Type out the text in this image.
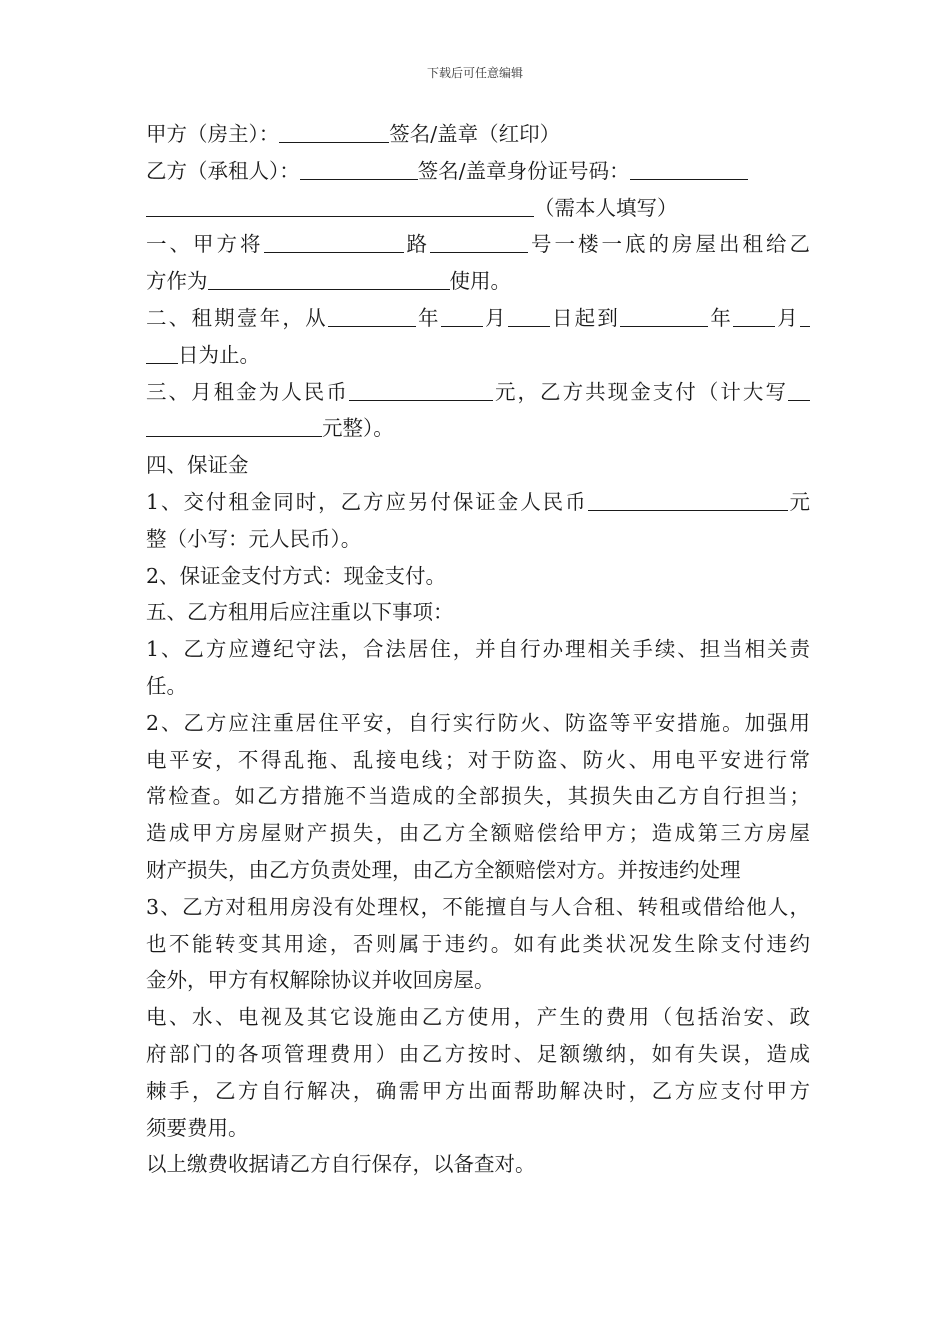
下载后可任意编辑
甲方（房主）：	签名/盖章（红印）
乙方（承租人）：	签名/盖章身份证号码：
（需本人填写）
一、甲方将	路	号一楼一底的房屋出租给乙
方作为	使用。
二、租期壹年，从	年 月 日起到	年 月
日为止。
三、月租金为人民币	元，乙方共现金支付（计大写
元整）。
四、保证金
1、交付租金同时，乙方应另付保证金人民币	元
整（小写：元人民币）。
2、保证金支付方式：现金支付。
五、乙方租用后应注重以下事项：
1、乙方应遵纪守法，合法居住，并自行办理相关手续、担当相关责
任。
2、乙方应注重居住平安，自行实行防火、防盗等平安措施。加强用
电平安，不得乱拖、乱接电线；对于防盗、防火、用电平安进行常
常检查。如乙方措施不当造成的全部损失，其损失由乙方自行担当；
造成甲方房屋财产损失，由乙方全额赔偿给甲方；造成第三方房屋
财产损失，由乙方负责处理，由乙方全额赔偿对方。并按违约处理
3、乙方对租用房没有处理权，不能擅自与人合租、转租或借给他人，
也不能转变其用途，否则属于违约。如有此类状况发生除支付违约
金外，甲方有权解除协议并收回房屋。
电、水、电视及其它设施由乙方使用，产生的费用（包括治安、政
府部门的各项管理费用）由乙方按时、足额缴纳，如有失误，造成
棘手，乙方自行解决，确需甲方出面帮助解决时，乙方应支付甲方
须要费用。
以上缴费收据请乙方自行保存，以备查对。
